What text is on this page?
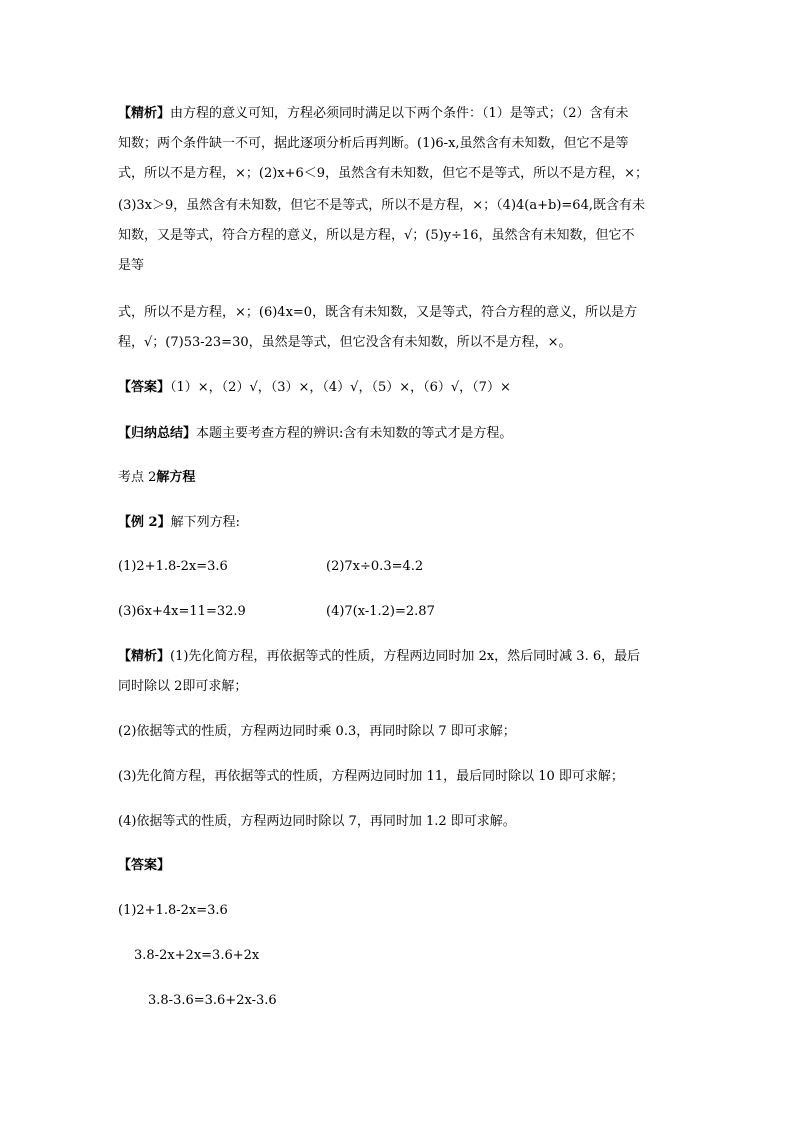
【精析】由方程的意义可知，方程必须同时满足以下两个条件：（1）是等式；（2）含有未
知数；两个条件缺一不可，据此逐项分析后再判断。(1)6-x,虽然含有未知数，但它不是等
式，所以不是方程，×；(2)x+6＜9，虽然含有未知数，但它不是等式，所以不是方程，×；
(3)3x＞9，虽然含有未知数，但它不是等式，所以不是方程，×；（4)4(a+b)=64,既含有未
知数，又是等式，符合方程的意义，所以是方程，√；(5)y÷16，虽然含有未知数，但它不
是等
式，所以不是方程，×；(6)4x=0，既含有未知数，又是等式，符合方程的意义，所以是方
程，√；(7)53-23=30，虽然是等式，但它没含有未知数，所以不是方程，×。
【答案】（1）×，（2）√，（3）×，（4）√，（5）×，（6）√，（7）×
【归纳总结】本题主要考查方程的辨识:含有未知数的等式才是方程。
考点 2解方程
【例 2】解下列方程:
(1)2+1.8-2x=3.6	(2)7x÷0.3=4.2
(3)6x+4x=11=32.9	(4)7(x-1.2)=2.87
【精析】(1)先化简方程，再依据等式的性质，方程两边同时加 2x，然后同时减 3. 6，最后
同时除以 2即可求解；
(2)依据等式的性质，方程两边同时乘 0.3，再同时除以 7 即可求解；
(3)先化简方程，再依据等式的性质，方程两边同时加 11，最后同时除以 10 即可求解；
(4)依据等式的性质，方程两边同时除以 7，再同时加 1.2 即可求解。
【答案】
(1)2+1.8-2x=3.6
3.8-2x+2x=3.6+2x
3.8-3.6=3.6+2x-3.6
